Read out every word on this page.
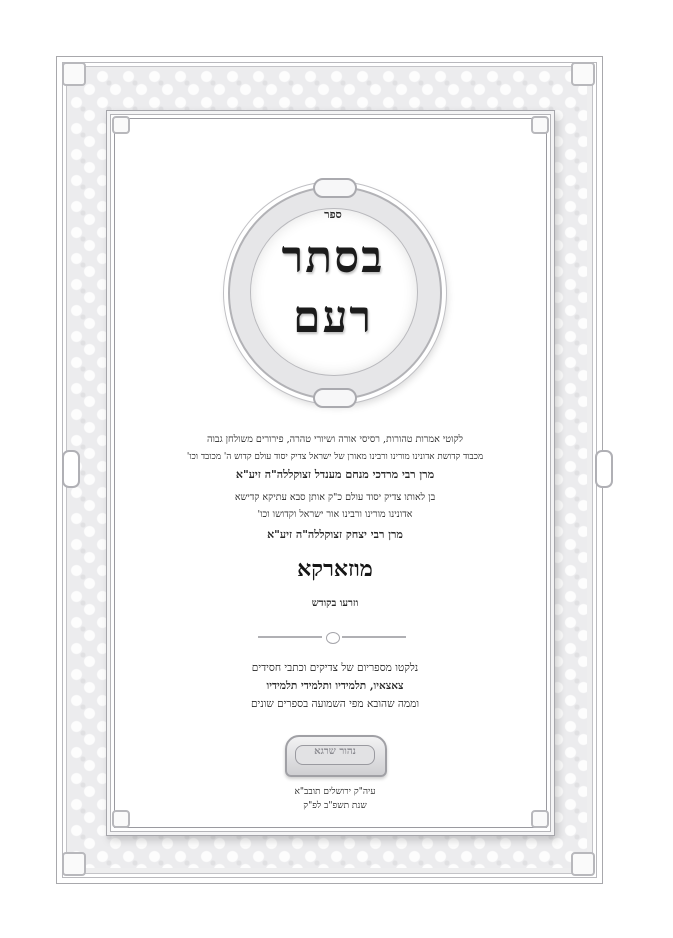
ספר
בסתר
רעם
לקוטי אמרות טהורות, רסיסי אורה ושיורי טהרה, פירורים משולחן גבוה
מכבוד קדושת אדונינו מורינו ורבינו מאורן של ישראל צדיק יסוד עולם קדוש ה' מכובד וכו'
מרן רבי מרדכי מנחם מענדל זצוקללה"ה זיע"א
בן לאותו צדיק יסוד עולם כ"ק אותן סבא עתיקא קדישא
אדונינו מורינו ורבינו אור ישראל וקדושו וכו'
מרן רבי יצחק זצוקללה"ה זיע"א
מוזארקא
וזרעו בקודש
נלקטו מספריום של צדיקים וכתבי חסידים
צאצאיו, תלמידיו ותלמידי תלמידיו
וממה שהובא מפי השמועה בספרים שונים
נהור שרגא
עיה"ק ירושלים תובב"א
שנת תשפ"ב לפ"ק
